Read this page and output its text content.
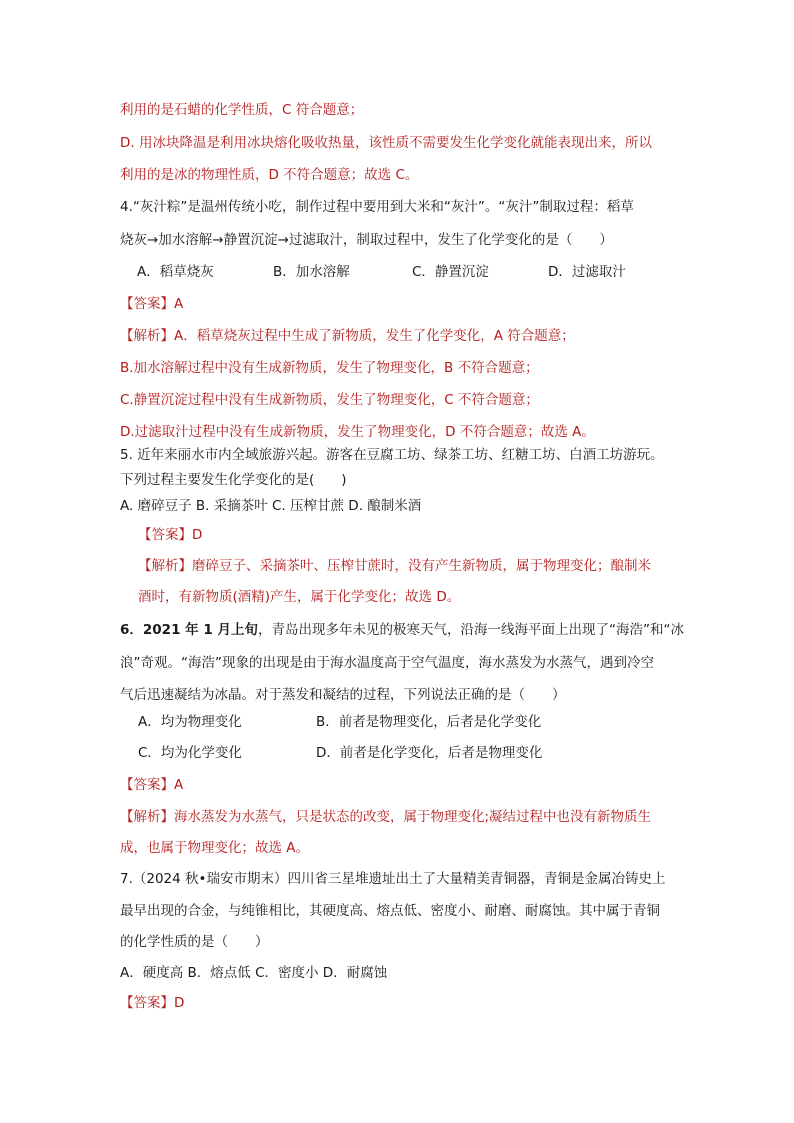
利用的是石蜡的化学性质，C 符合题意；
D. 用冰块降温是利用冰块熔化吸收热量，该性质不需要发生化学变化就能表现出来，所以
利用的是冰的物理性质，D 不符合题意；故选 C。
4.“灰汁粽”是温州传统小吃，制作过程中要用到大米和“灰汁”。“灰汁”制取过程：稻草
烧灰→加水溶解→静置沉淀→过滤取汁，制取过程中，发生了化学变化的是（　　）
A．稻草烧灰	B．加水溶解	C．静置沉淀	D．过滤取汁
【答案】A
【解析】A．稻草烧灰过程中生成了新物质，发生了化学变化，A 符合题意；
B.加水溶解过程中没有生成新物质，发生了物理变化，B 不符合题意；
C.静置沉淀过程中没有生成新物质，发生了物理变化，C 不符合题意；
D.过滤取汁过程中没有生成新物质，发生了物理变化，D 不符合题意；故选 A。
5. 近年来丽水市内全域旅游兴起。游客在豆腐工坊、绿茶工坊、红糖工坊、白酒工坊游玩。
下列过程主要发生化学变化的是(　　)
A. 磨碎豆子 B. 采摘茶叶 C. 压榨甘蔗 D. 酿制米酒
【答案】D
【解析】磨碎豆子、采摘茶叶、压榨甘蔗时，没有产生新物质，属于物理变化；酿制米
酒时，有新物质(酒精)产生，属于化学变化；故选 D。
6．2021 年 1 月上旬，青岛出现多年未见的极寒天气，沿海一线海平面上出现了“海浩”和“冰
浪”奇观。“海浩”现象的出现是由于海水温度高于空气温度，海水蒸发为水蒸气，遇到冷空
气后迅速凝结为冰晶。对于蒸发和凝结的过程，下列说法正确的是（　　）
A．均为物理变化	B．前者是物理变化，后者是化学变化
C．均为化学变化	D．前者是化学变化，后者是物理变化
【答案】A
【解析】海水蒸发为水蒸气，只是状态的改变，属于物理变化;凝结过程中也没有新物质生
成，也属于物理变化；故选 A。
7.（2024 秋•瑞安市期末）四川省三星堆遗址出土了大量精美青铜器，青铜是金属冶铸史上
最早出现的合金，与纯锥相比，其硬度高、熔点低、密度小、耐磨、耐腐蚀。其中属于青铜
的化学性质的是（　　）
A．硬度高 B．熔点低 C．密度小 D．耐腐蚀
【答案】D
